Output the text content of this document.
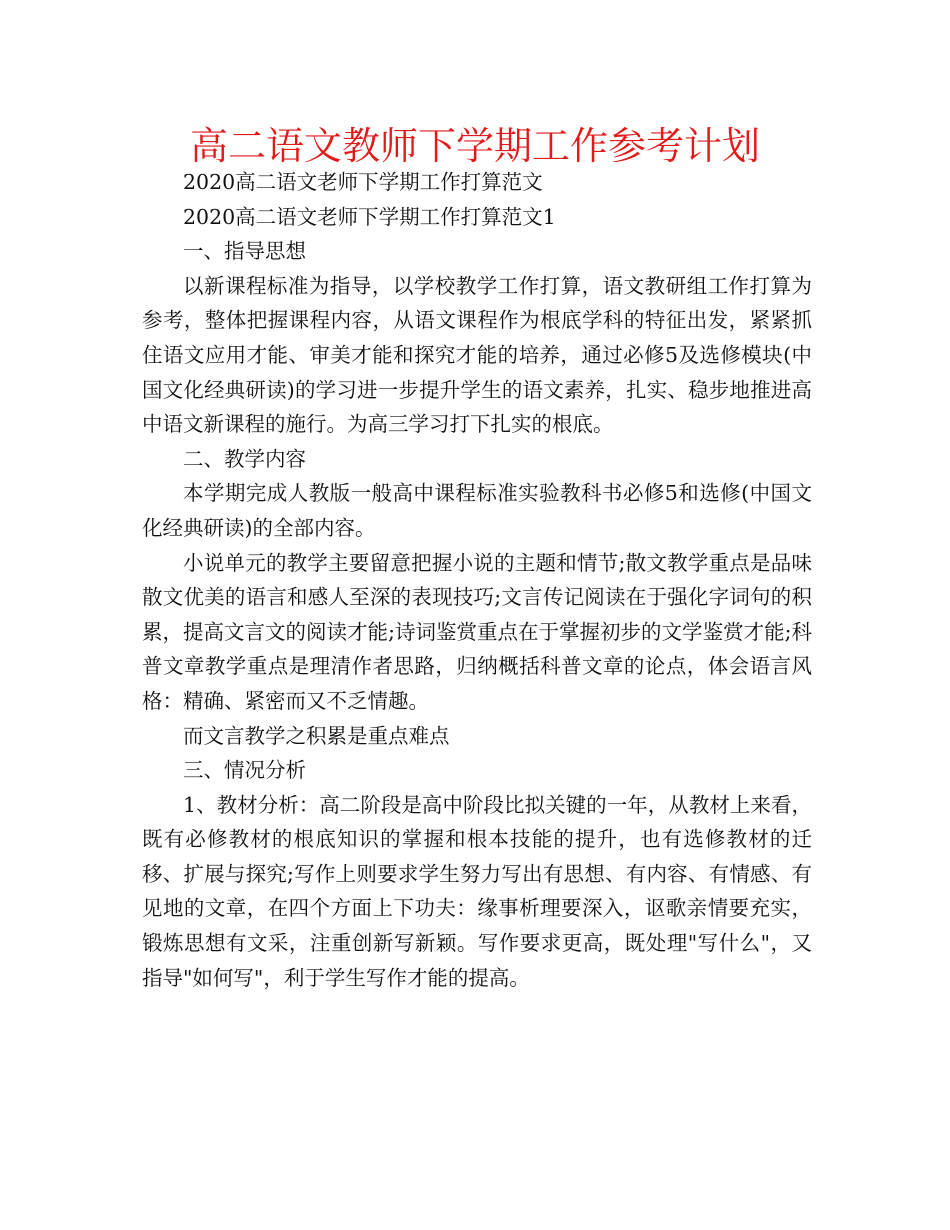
高二语文教师下学期工作参考计划

2020高二语文老师下学期工作打算范文

2020高二语文老师下学期工作打算范文1

一、指导思想

以新课程标准为指导，以学校教学工作打算，语文教研组工作打算为参考，整体把握课程内容，从语文课程作为根底学科的特征出发，紧紧抓住语文应用才能、审美才能和探究才能的培养，通过必修5及选修模块(中国文化经典研读)的学习进一步提升学生的语文素养，扎实、稳步地推进高中语文新课程的施行。为高三学习打下扎实的根底。

二、教学内容

本学期完成人教版一般高中课程标准实验教科书必修5和选修(中国文化经典研读)的全部内容。

小说单元的教学主要留意把握小说的主题和情节;散文教学重点是品味散文优美的语言和感人至深的表现技巧;文言传记阅读在于强化字词句的积累，提高文言文的阅读才能;诗词鉴赏重点在于掌握初步的文学鉴赏才能;科普文章教学重点是理清作者思路，归纳概括科普文章的论点，体会语言风格：精确、紧密而又不乏情趣。

而文言教学之积累是重点难点

三、情况分析

1、教材分析：高二阶段是高中阶段比拟关键的一年，从教材上来看，既有必修教材的根底知识的掌握和根本技能的提升，也有选修教材的迁移、扩展与探究;写作上则要求学生努力写出有思想、有内容、有情感、有见地的文章，在四个方面上下功夫：缘事析理要深入，讴歌亲情要充实，锻炼思想有文采，注重创新写新颖。写作要求更高，既处理"写什么"，又指导"如何写"，利于学生写作才能的提高。
